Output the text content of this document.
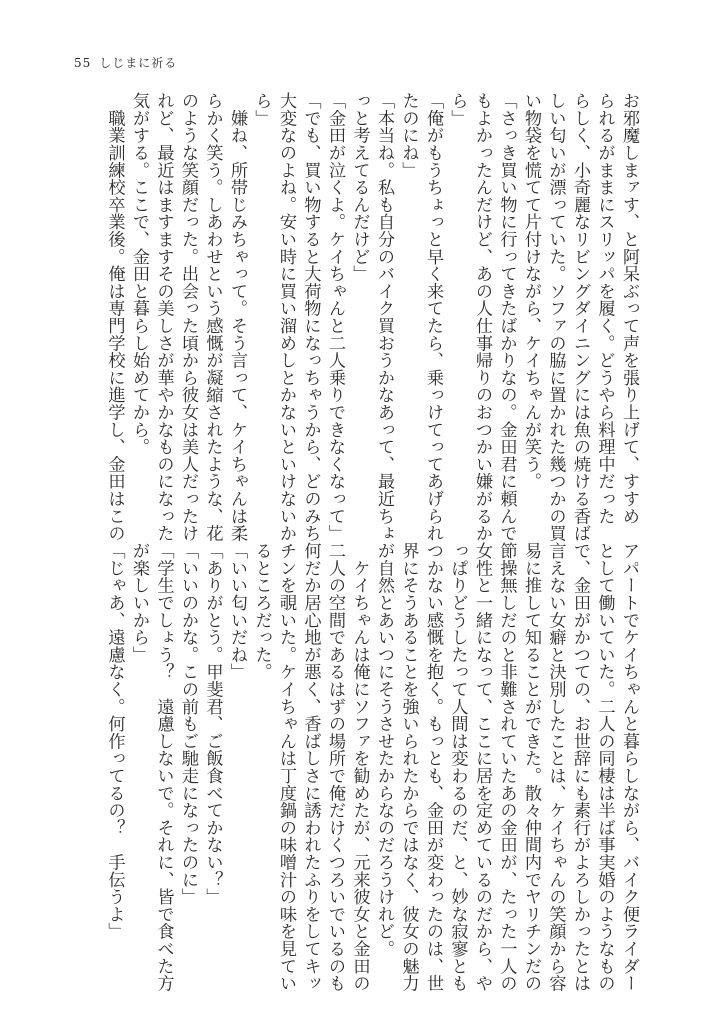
55 しじまに祈る
お邪魔しまァす、と阿呆ぶって声を張り上げて、すすめ
られるがままにスリッパを履く。どうやら料理中だった
らしく、小奇麗なリビングダイニングには魚の焼ける香ば
しい匂いが漂っていた。ソファの脇に置かれた幾つかの買
い物袋を慌てて片付けながら、ケイちゃんが笑う。
「さっき買い物に行ってきたばかりなの。金田君に頼んで
もよかったんだけど、あの人仕事帰りのおつかい嫌がるか
ら」
「俺がもうちょっと早く来てたら、乗っけてってあげられ
たのにね」
「本当ね。私も自分のバイク買おうかなあって、最近ちょ
っと考えてるんだけど」
「金田が泣くよ。ケイちゃんと二人乗りできなくなって」
「でも、買い物すると大荷物になっちゃうから、どのみち
大変なのよね。安い時に買い溜めしとかないといけないか
ら」
　嫌ね、所帯じみちゃって。そう言って、ケイちゃんは柔
らかく笑う。しあわせという感慨が凝縮されたような、花
のような笑顔だった。出会った頃から彼女は美人だったけ
れど、最近はますますその美しさが華やかなものになった
気がする。ここで、金田と暮らし始めてから。
　職業訓練校卒業後。俺は専門学校に進学し、金田はこの
アパートでケイちゃんと暮らしながら、バイク便ライダー
として働いていた。二人の同棲は半ば事実婚のようなもの
で、金田がかつての、お世辞にも素行がよろしかったとは
言えない女癖と決別したことは、ケイちゃんの笑顔から容
易に推して知ることができた。散々仲間内でヤリチンだの
節操無しだのと非難されていたあの金田が、たった一人の
女性と一緒になって、ここに居を定めているのだから、や
っぱりどうしたって人間は変わるのだ、と、妙な寂寥とも
つかない感慨を抱く。もっとも、金田が変わったのは、世
界にそうあることを強いられたからではなく、彼女の魅力
が自然とあいつにそうさせたからなのだろうけれど。
　ケイちゃんは俺にソファを勧めたが、元来彼女と金田の
二人の空間であるはずの場所で俺だけくつろいでいるのも
何だか居心地が悪く、香ばしさに誘われたふりをしてキッ
チンを覗いた。ケイちゃんは丁度鍋の味噌汁の味を見てい
るところだった。
「いい匂いだね」
「ありがとう。甲斐君、ご飯食べてかない？」
「いいのかな。この前もご馳走になったのに」
「学生でしょう？　遠慮しないで。それに、皆で食べた方
が楽しいから」
「じゃあ、遠慮なく。何作ってるの？　手伝うよ」
